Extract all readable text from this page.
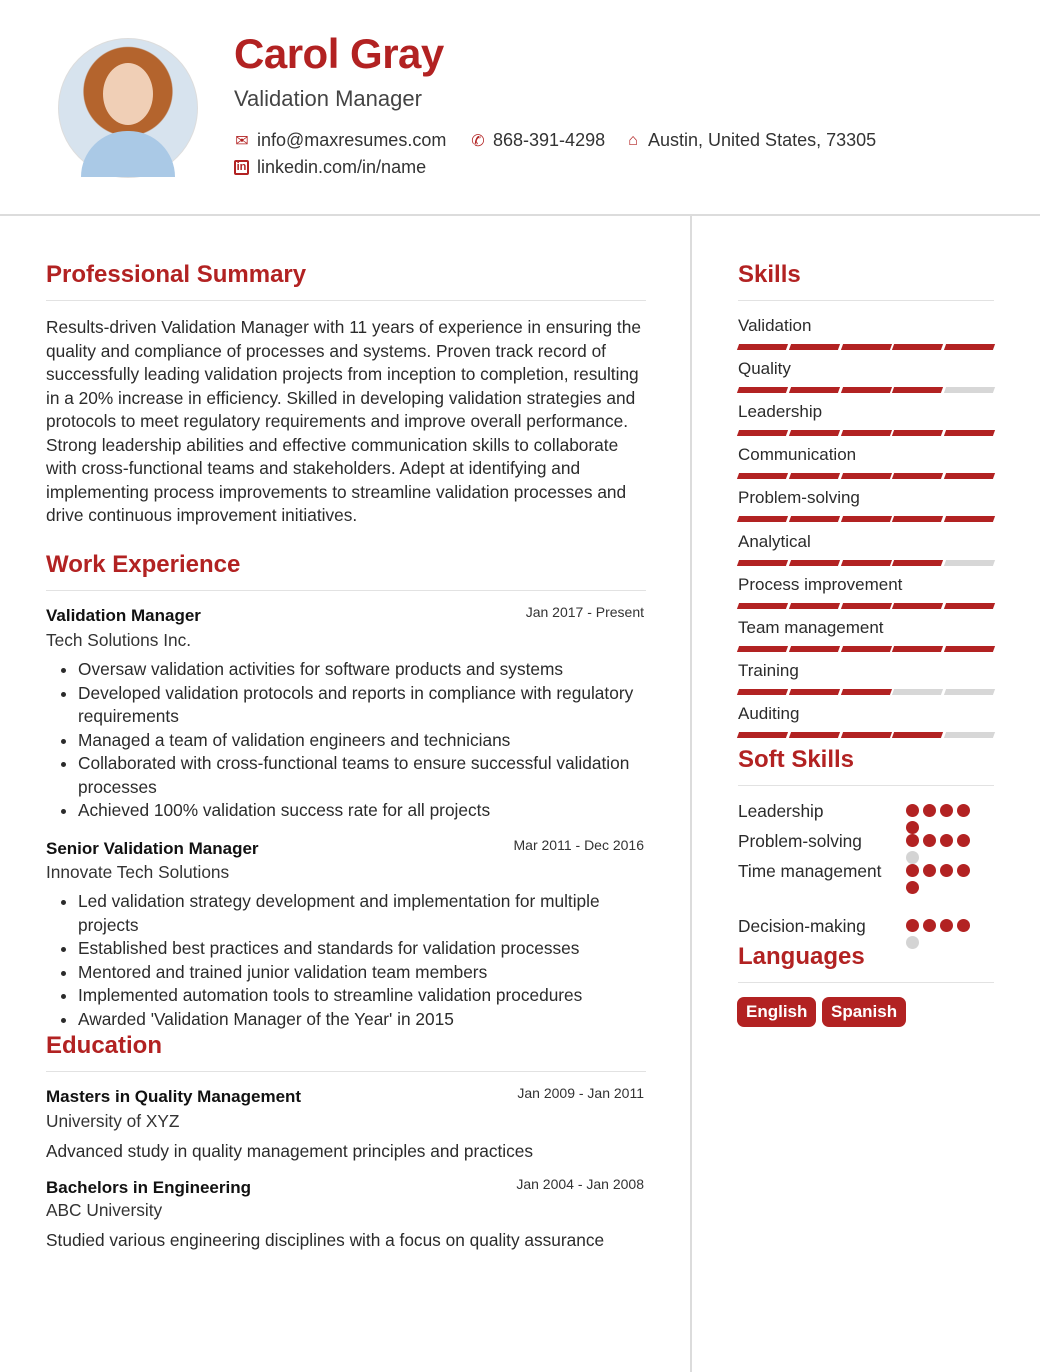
Carol Gray
Validation Manager
✉ info@maxresumes.com ✆ 868-391-4298 ⌂ Austin, United States, 73305
in linkedin.com/in/name
Professional Summary

Results-driven Validation Manager with 11 years of experience in ensuring the quality and compliance of processes and systems. Proven track record of successfully leading validation projects from inception to completion, resulting in a 20% increase in efficiency. Skilled in developing validation strategies and protocols to meet regulatory requirements and improve overall performance. Strong leadership abilities and effective communication skills to collaborate with cross-functional teams and stakeholders. Adept at identifying and implementing process improvements to streamline validation processes and drive continuous improvement initiatives.

Work Experience
Validation Manager	Jan 2017 - Present
Tech Solutions Inc.
• Oversaw validation activities for software products and systems
• Developed validation protocols and reports in compliance with regulatory requirements
• Managed a team of validation engineers and technicians
• Collaborated with cross-functional teams to ensure successful validation processes
• Achieved 100% validation success rate for all projects
Senior Validation Manager	Mar 2011 - Dec 2016
Innovate Tech Solutions
• Led validation strategy development and implementation for multiple projects
• Established best practices and standards for validation processes
• Mentored and trained junior validation team members
• Implemented automation tools to streamline validation procedures
• Awarded 'Validation Manager of the Year' in 2015
Education
Masters in Quality Management	Jan 2009 - Jan 2011
University of XYZ
Advanced study in quality management principles and practices
Bachelors in Engineering	Jan 2004 - Jan 2008
ABC University
Studied various engineering disciplines with a focus on quality assurance
Skills
Validation
Quality
Leadership
Communication
Problem-solving
Analytical
Process improvement
Team management
Training
Auditing
Soft Skills
Leadership
Problem-solving
Time management
Decision-making
Languages
English	Spanish
